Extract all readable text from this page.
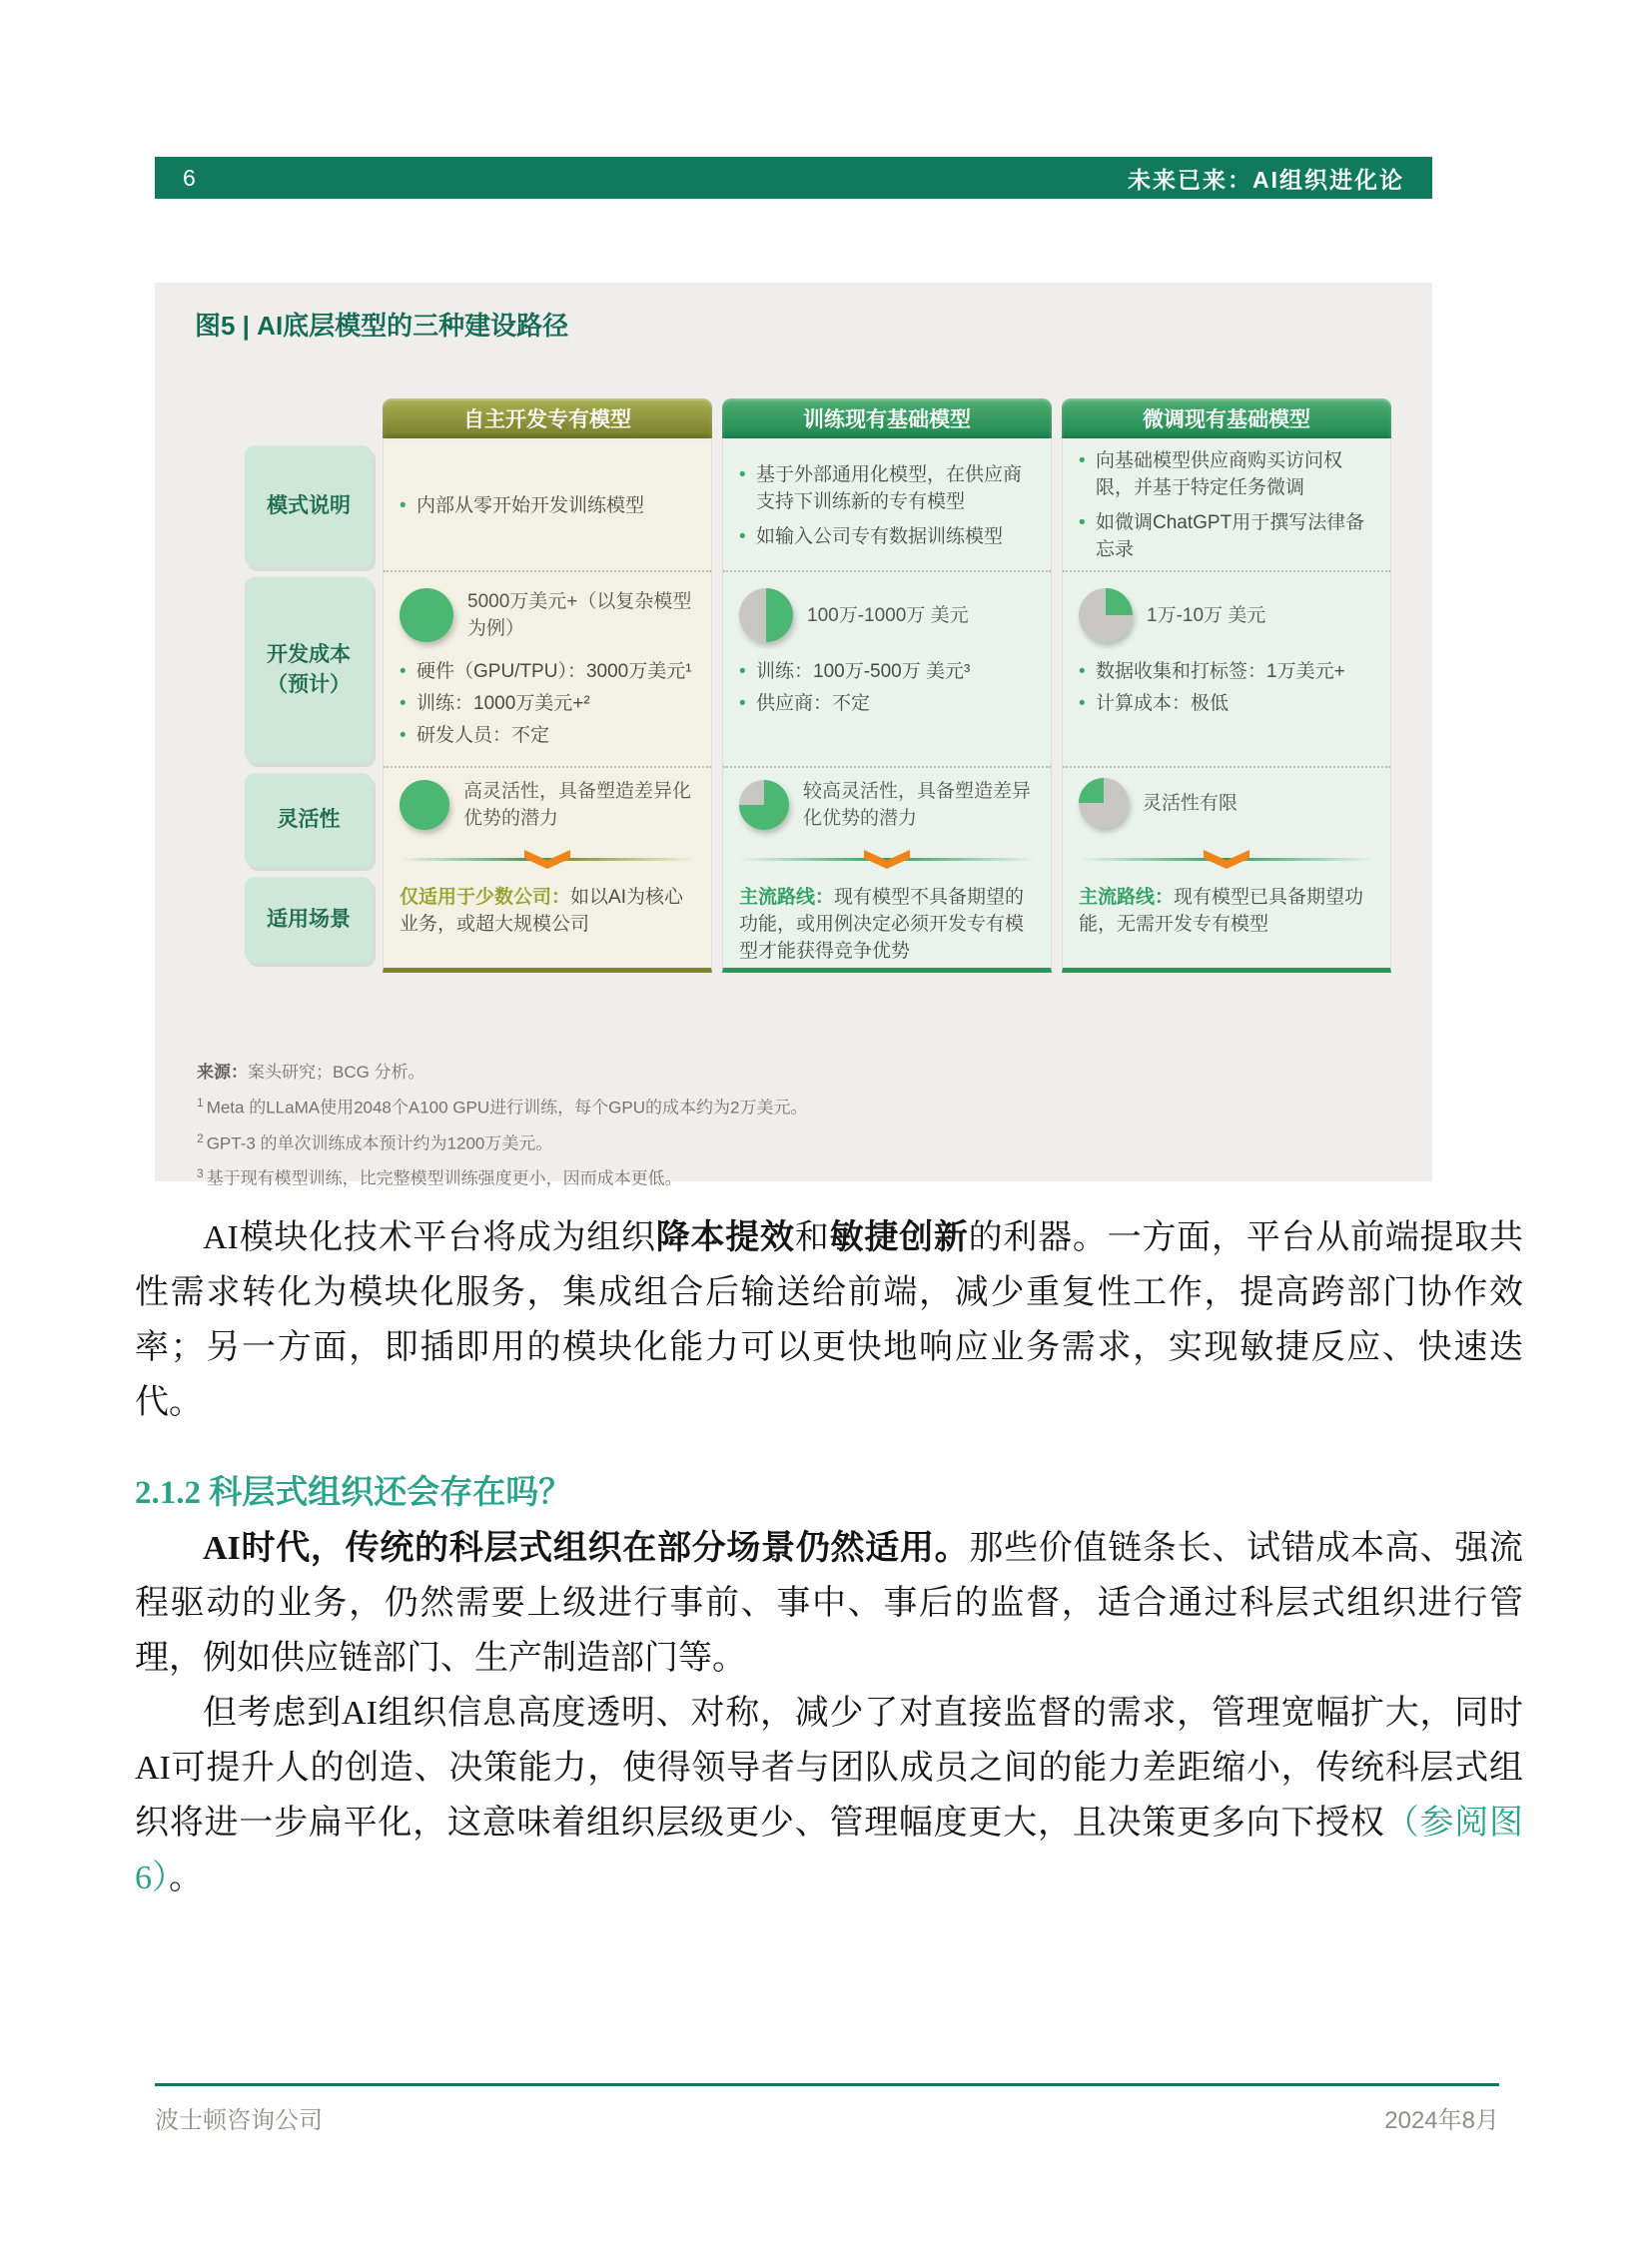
6	未来已来：AI组织进化论
图5 | AI底层模型的三种建设路径
模式说明
开发成本（预计）
灵活性
适用场景
自主开发专有模型
• 内部从零开始开发训练模型
5000万美元+（以复杂模型为例）
• 硬件（GPU/TPU）：3000万美元¹
• 训练：1000万美元+²
• 研发人员：不定
高灵活性，具备塑造差异化优势的潜力
仅适用于少数公司：如以AI为核心业务，或超大规模公司
训练现有基础模型
• 基于外部通用化模型，在供应商支持下训练新的专有模型
• 如输入公司专有数据训练模型
100万-1000万 美元
• 训练：100万-500万 美元³
• 供应商：不定
较高灵活性，具备塑造差异化优势的潜力
主流路线：现有模型不具备期望的功能，或用例决定必须开发专有模型才能获得竞争优势
微调现有基础模型
• 向基础模型供应商购买访问权限，并基于特定任务微调
• 如微调ChatGPT用于撰写法律备忘录
1万-10万 美元
• 数据收集和打标签：1万美元+
• 计算成本：极低
灵活性有限
主流路线：现有模型已具备期望功能，无需开发专有模型
来源：案头研究；BCG 分析。
$^1$ Meta 的LLaMA使用2048个A100 GPU进行训练，每个GPU的成本约为2万美元。
$^2$ GPT-3 的单次训练成本预计约为1200万美元。
$^3$ 基于现有模型训练，比完整模型训练强度更小，因而成本更低。

AI模块化技术平台将成为组织降本提效和敏捷创新的利器。一方面，平台从前端提取共性需求转化为模块化服务，集成组合后输送给前端，减少重复性工作，提高跨部门协作效率；另一方面，即插即用的模块化能力可以更快地响应业务需求，实现敏捷反应、快速迭代。

2.1.2 科层式组织还会存在吗？

AI时代，传统的科层式组织在部分场景仍然适用。那些价值链条长、试错成本高、强流程驱动的业务，仍然需要上级进行事前、事中、事后的监督，适合通过科层式组织进行管理，例如供应链部门、生产制造部门等。

但考虑到AI组织信息高度透明、对称，减少了对直接监督的需求，管理宽幅扩大，同时AI可提升人的创造、决策能力，使得领导者与团队成员之间的能力差距缩小，传统科层式组织将进一步扁平化，这意味着组织层级更少、管理幅度更大，且决策更多向下授权（参阅图6）。

波士顿咨询公司	2024年8月
